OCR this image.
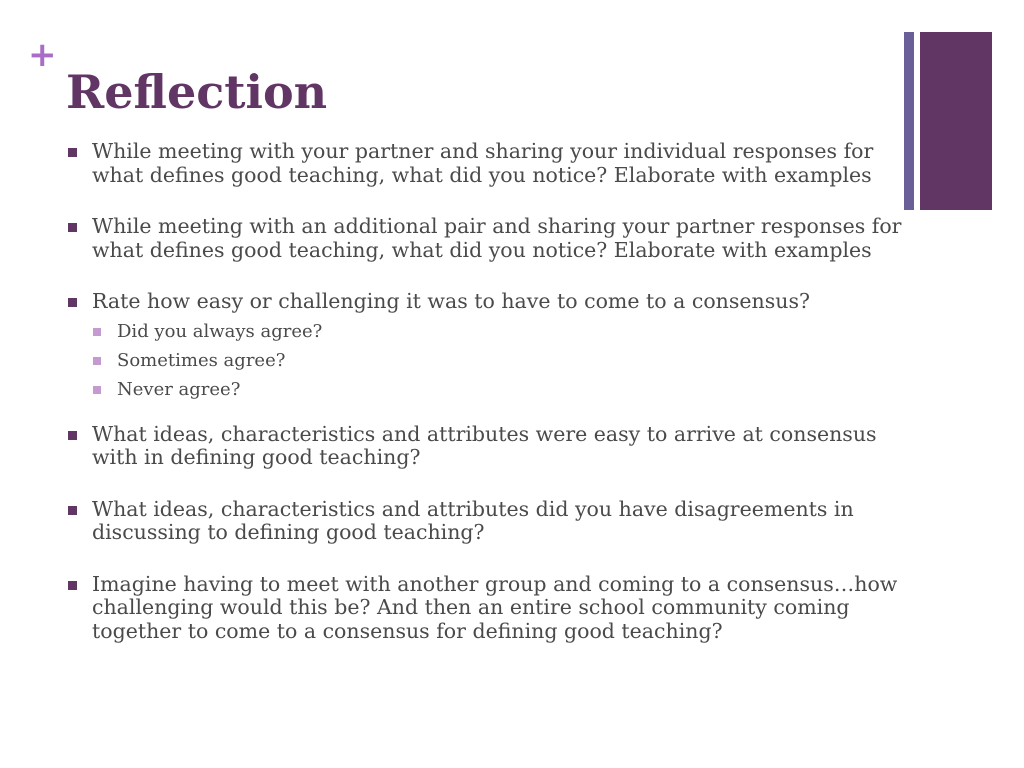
+
Reflection
While meeting with your partner and sharing your individual responses for what defines good teaching, what did you notice? Elaborate with examples
While meeting with an additional pair and sharing your partner responses for what defines good teaching, what did you notice? Elaborate with examples
Rate how easy or challenging it was to have to come to a consensus?
Did you always agree?
Sometimes agree?
Never agree?
What ideas, characteristics and attributes were easy to arrive at consensus with in defining good teaching?
What ideas, characteristics and attributes did you have disagreements in discussing to defining good teaching?
Imagine having to meet with another group and coming to a consensus…how challenging would this be? And then an entire school community coming together to come to a consensus for defining good teaching?
